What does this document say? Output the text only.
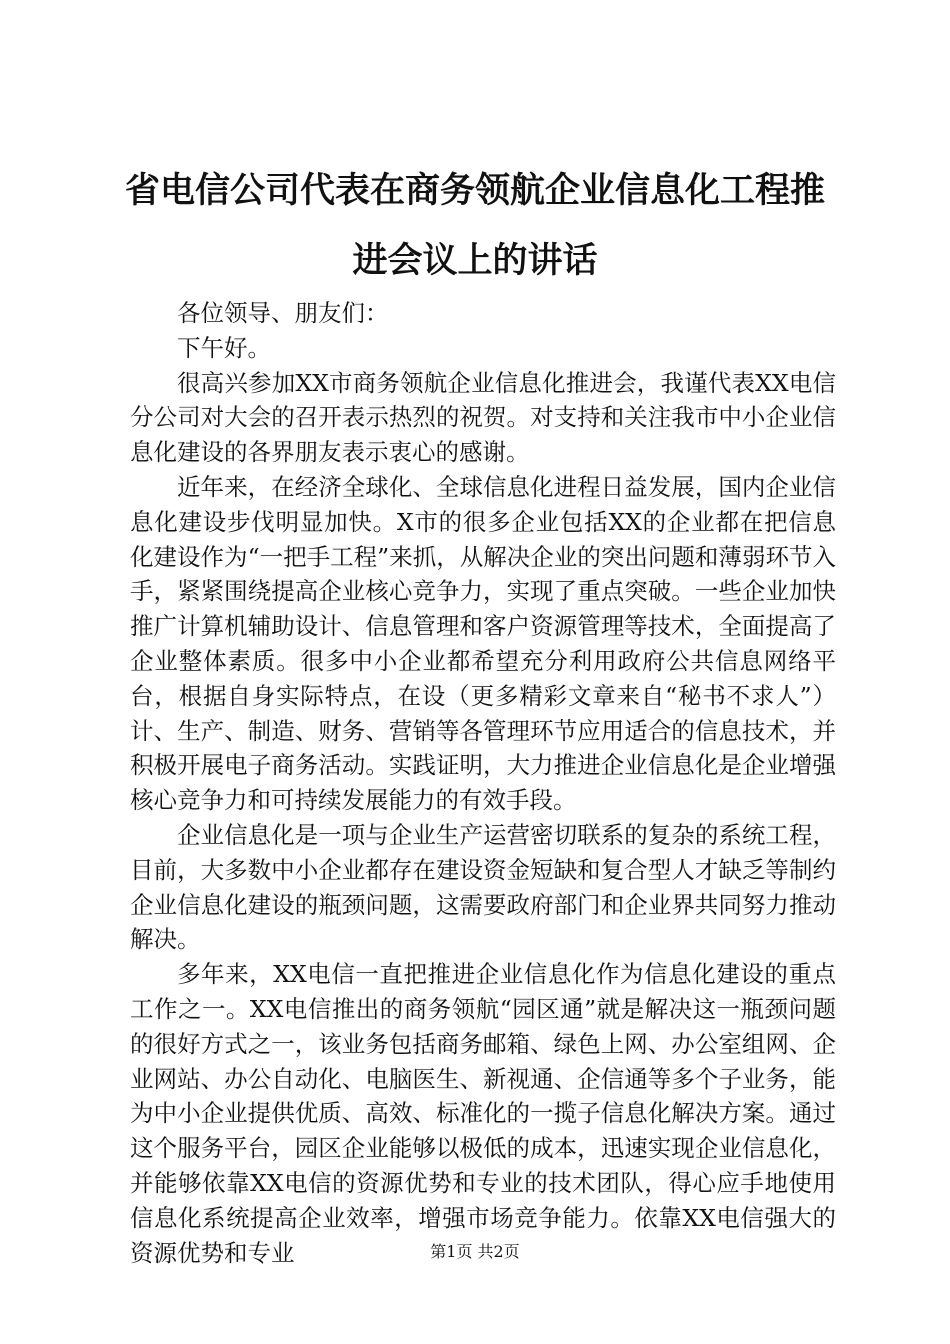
省电信公司代表在商务领航企业信息化工程推进会议上的讲话

各位领导、朋友们：

下午好。

很高兴参加XX市商务领航企业信息化推进会，我谨代表XX电信分公司对大会的召开表示热烈的祝贺。对支持和关注我市中小企业信息化建设的各界朋友表示衷心的感谢。

近年来，在经济全球化、全球信息化进程日益发展，国内企业信息化建设步伐明显加快。X市的很多企业包括XX的企业都在把信息化建设作为“一把手工程”来抓，从解决企业的突出问题和薄弱环节入手，紧紧围绕提高企业核心竞争力，实现了重点突破。一些企业加快推广计算机辅助设计、信息管理和客户资源管理等技术，全面提高了企业整体素质。很多中小企业都希望充分利用政府公共信息网络平台，根据自身实际特点，在设（更多精彩文章来自“秘书不求人”）计、生产、制造、财务、营销等各管理环节应用适合的信息技术，并积极开展电子商务活动。实践证明，大力推进企业信息化是企业增强核心竞争力和可持续发展能力的有效手段。

企业信息化是一项与企业生产运营密切联系的复杂的系统工程，目前，大多数中小企业都存在建设资金短缺和复合型人才缺乏等制约企业信息化建设的瓶颈问题，这需要政府部门和企业界共同努力推动解决。

多年来，XX电信一直把推进企业信息化作为信息化建设的重点工作之一。XX电信推出的商务领航“园区通”就是解决这一瓶颈问题的很好方式之一，该业务包括商务邮箱、绿色上网、办公室组网、企业网站、办公自动化、电脑医生、新视通、企信通等多个子业务，能为中小企业提供优质、高效、标准化的一揽子信息化解决方案。通过这个服务平台，园区企业能够以极低的成本，迅速实现企业信息化，并能够依靠XX电信的资源优势和专业的技术团队，得心应手地使用信息化系统提高企业效率，增强市场竞争能力。依靠XX电信强大的资源优势和专业	第1页 共2页
